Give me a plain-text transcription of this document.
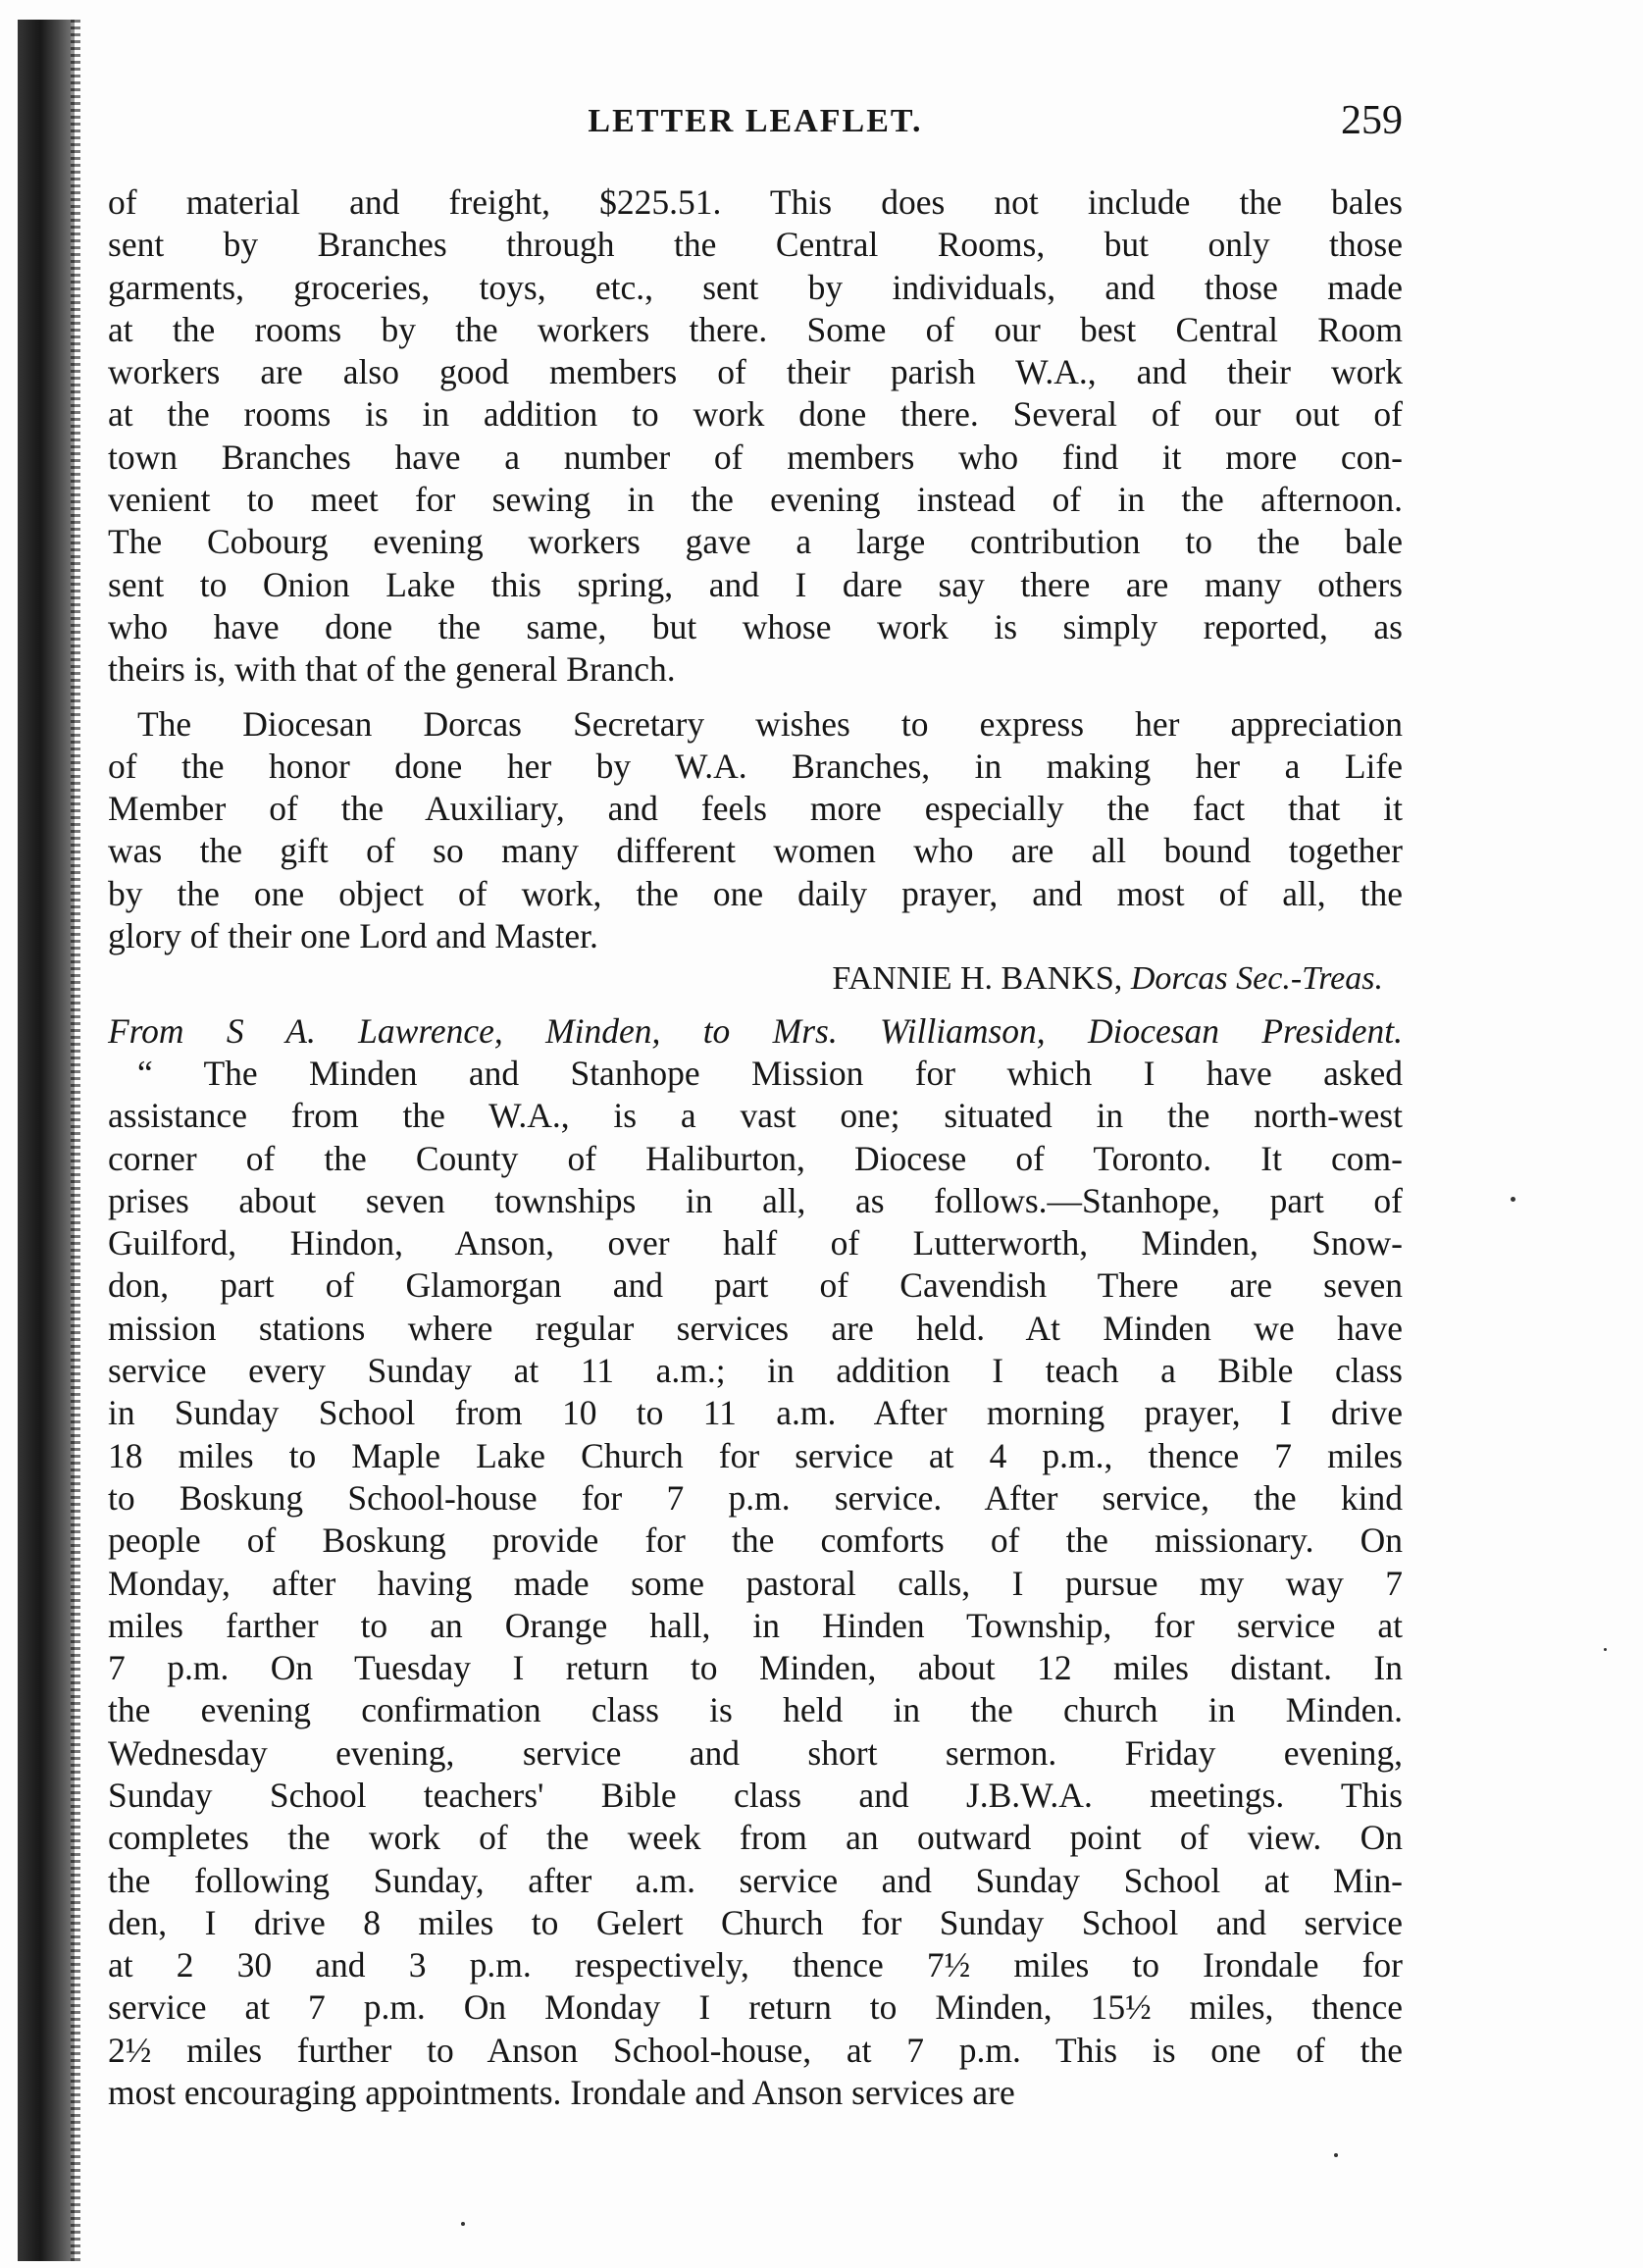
LETTER LEAFLET.	259
of material and freight, $225.51. This does not include the bales
sent by Branches through the Central Rooms, but only those
garments, groceries, toys, etc., sent by individuals, and those made
at the rooms by the workers there. Some of our best Central Room
workers are also good members of their parish W.A., and their work
at the rooms is in addition to work done there. Several of our out of
town Branches have a number of members who find it more con-
venient to meet for sewing in the evening instead of in the afternoon.
The Cobourg evening workers gave a large contribution to the bale
sent to Onion Lake this spring, and I dare say there are many others
who have done the same, but whose work is simply reported, as
theirs is, with that of the general Branch.
The Diocesan Dorcas Secretary wishes to express her appreciation
of the honor done her by W.A. Branches, in making her a Life
Member of the Auxiliary, and feels more especially the fact that it
was the gift of so many different women who are all bound together
by the one object of work, the one daily prayer, and most of all, the
glory of their one Lord and Master.
FANNIE H. BANKS, Dorcas Sec.-Treas.
From S A. Lawrence, Minden, to Mrs. Williamson, Diocesan President.
“ The Minden and Stanhope Mission for which I have asked
assistance from the W.A., is a vast one; situated in the north-west
corner of the County of Haliburton, Diocese of Toronto. It com-
prises about seven townships in all, as follows.—Stanhope, part of
Guilford, Hindon, Anson, over half of Lutterworth, Minden, Snow-
don, part of Glamorgan and part of Cavendish There are seven
mission stations where regular services are held. At Minden we have
service every Sunday at 11 a.m.; in addition I teach a Bible class
in Sunday School from 10 to 11 a.m. After morning prayer, I drive
18 miles to Maple Lake Church for service at 4 p.m., thence 7 miles
to Boskung School-house for 7 p.m. service. After service, the kind
people of Boskung provide for the comforts of the missionary. On
Monday, after having made some pastoral calls, I pursue my way 7
miles farther to an Orange hall, in Hinden Township, for service at
7 p.m. On Tuesday I return to Minden, about 12 miles distant. In
the evening confirmation class is held in the church in Minden.
Wednesday evening, service and short sermon. Friday evening,
Sunday School teachers' Bible class and J.B.W.A. meetings. This
completes the work of the week from an outward point of view. On
the following Sunday, after a.m. service and Sunday School at Min-
den, I drive 8 miles to Gelert Church for Sunday School and service
at 2 30 and 3 p.m. respectively, thence 7½ miles to Irondale for
service at 7 p.m. On Monday I return to Minden, 15½ miles, thence
2½ miles further to Anson School-house, at 7 p.m. This is one of the
most encouraging appointments. Irondale and Anson services are
